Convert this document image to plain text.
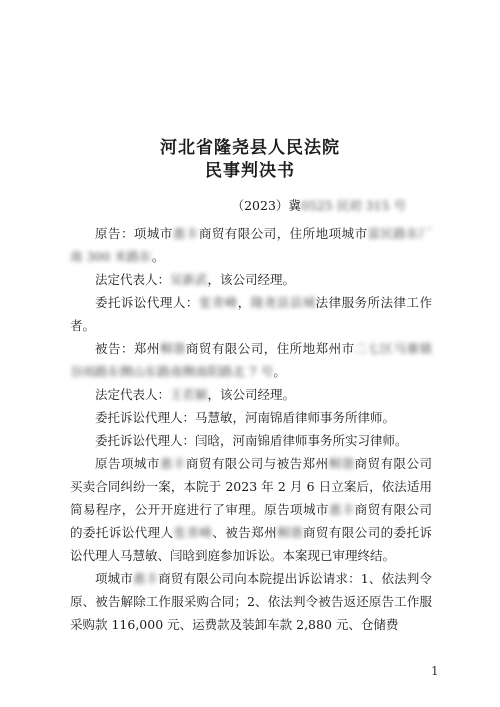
河北省隆尧县人民法院
民事判决书
（2023）冀0525 民初 315 号

原告：项城市惠丰商贸有限公司，住所地项城市富民路东厂南 300 米路东。

法定代表人：吴新武，该公司经理。

委托诉讼代理人：张青峰，隆尧县县城法律服务所法律工作者。

被告：郑州桐谐商贸有限公司，住所地郑州市二七区马寨镇谷雨路东侧山东路南侧南阳路北 7 号。

法定代表人：王若颖，该公司经理。

委托诉讼代理人：马慧敏，河南锦盾律师事务所律师。

委托诉讼代理人：闫晗，河南锦盾律师事务所实习律师。

原告项城市惠丰商贸有限公司与被告郑州桐谐商贸有限公司买卖合同纠纷一案，本院于 2023 年 2 月 6 日立案后，依法适用简易程序，公开开庭进行了审理。原告项城市惠丰商贸有限公司的委托诉讼代理人张青峰、被告郑州桐谐商贸有限公司的委托诉讼代理人马慧敏、闫晗到庭参加诉讼。本案现已审理终结。

项城市惠丰商贸有限公司向本院提出诉讼请求：1、依法判令原、被告解除工作服采购合同；2、依法判令被告返还原告工作服采购款 116,000 元、运费款及装卸车款 2,880 元、仓储费

1
